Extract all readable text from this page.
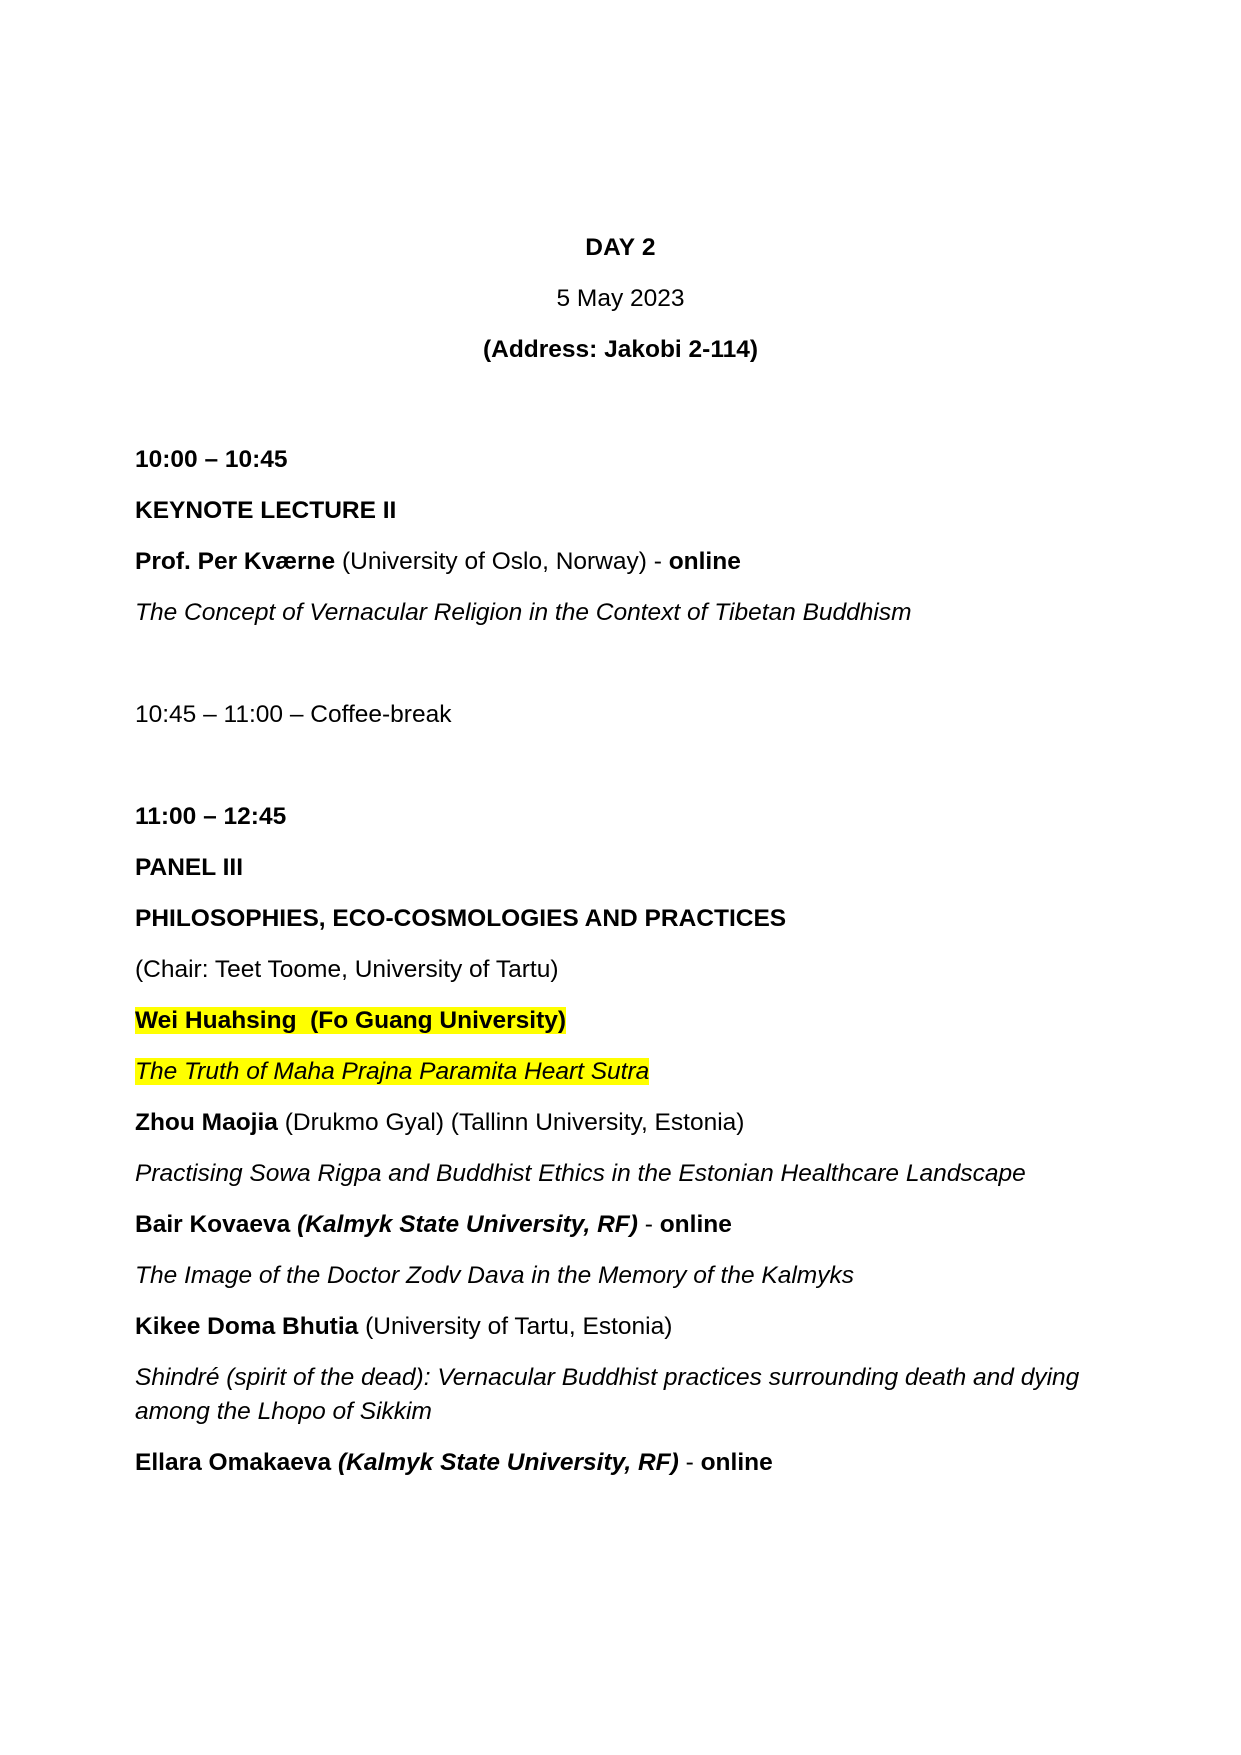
DAY 2
5 May 2023
(Address: Jakobi 2-114)

10:00 – 10:45

KEYNOTE LECTURE II

Prof. Per Kværne (University of Oslo, Norway) - online

The Concept of Vernacular Religion in the Context of Tibetan Buddhism

10:45 – 11:00 – Coffee-break

11:00 – 12:45

PANEL III

PHILOSOPHIES, ECO-COSMOLOGIES AND PRACTICES

(Chair: Teet Toome, University of Tartu)

Wei Huahsing  (Fo Guang University)

The Truth of Maha Prajna Paramita Heart Sutra

Zhou Maojia (Drukmo Gyal) (Tallinn University, Estonia)

Practising Sowa Rigpa and Buddhist Ethics in the Estonian Healthcare Landscape

Bair Kovaeva (Kalmyk State University, RF) - online

The Image of the Doctor Zodv Dava in the Memory of the Kalmyks

Kikee Doma Bhutia (University of Tartu, Estonia)

Shindré (spirit of the dead): Vernacular Buddhist practices surrounding death and dying among the Lhopo of Sikkim

Ellara Omakaeva (Kalmyk State University, RF) - online
